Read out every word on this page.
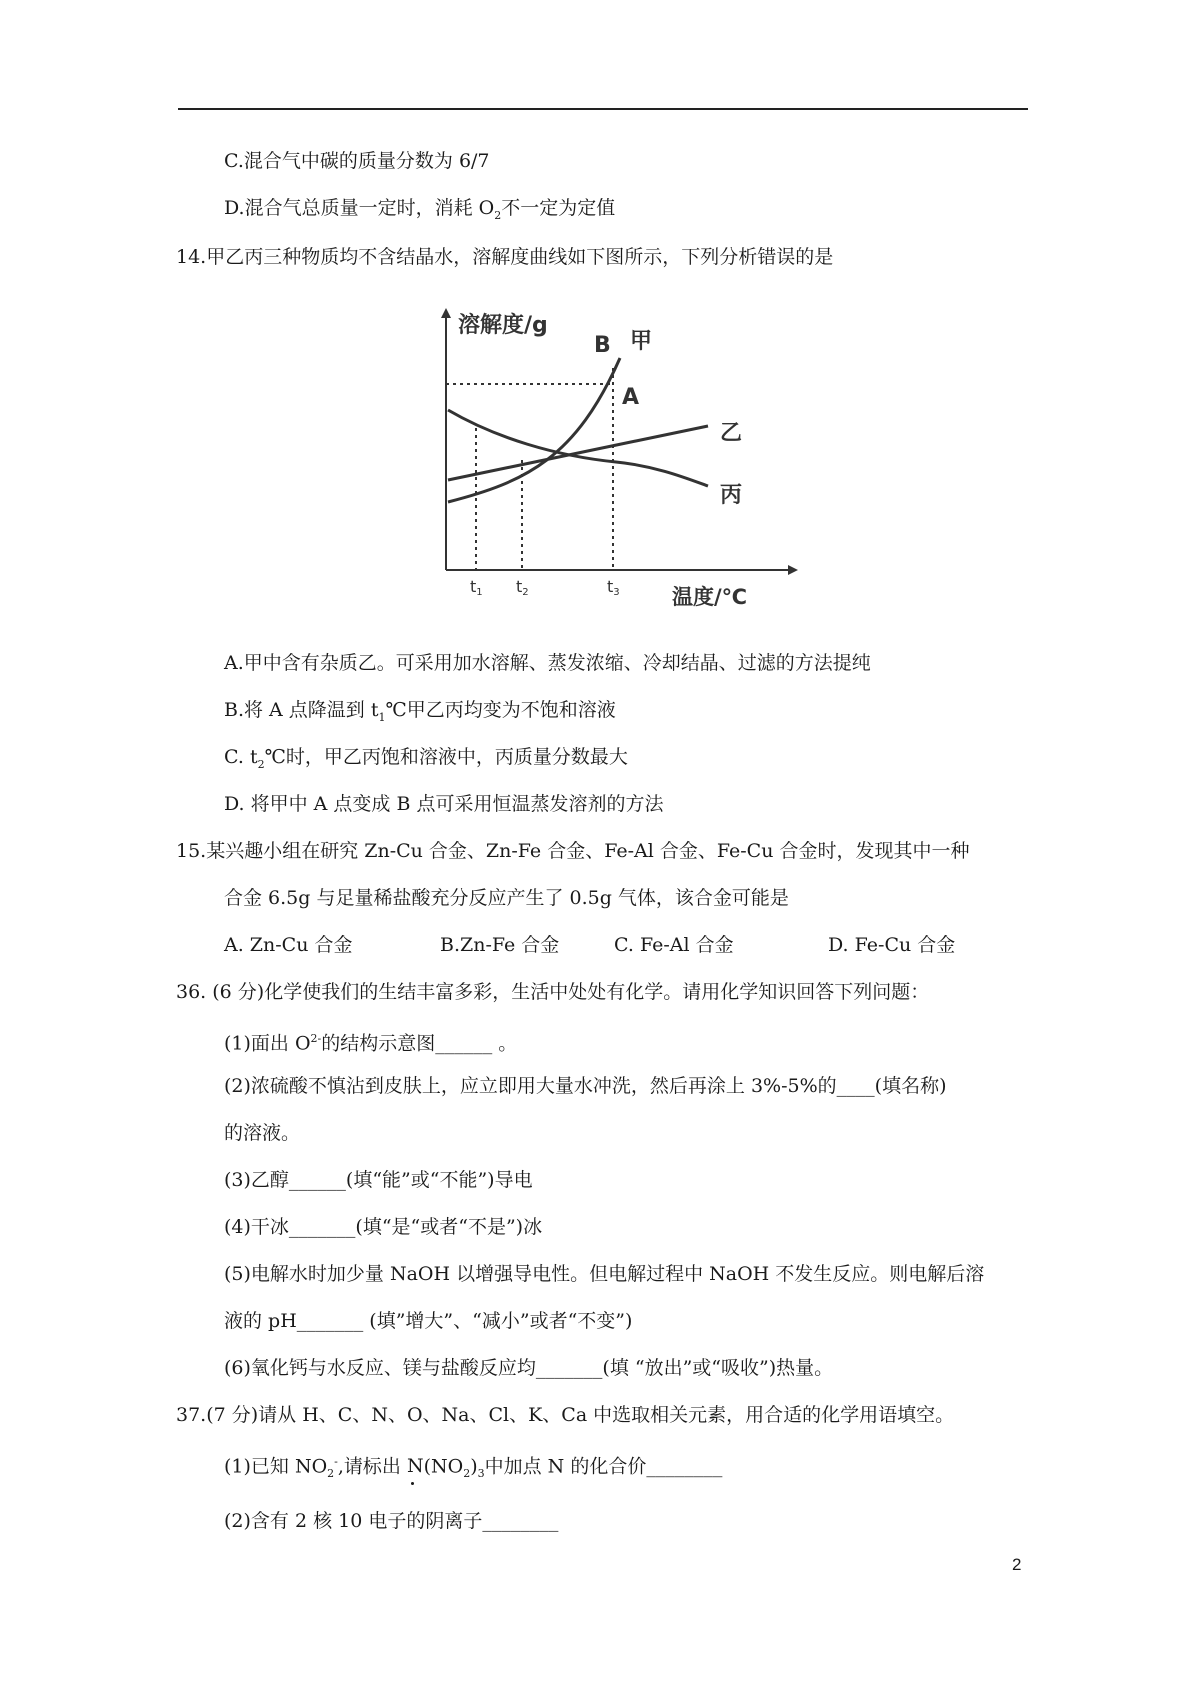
C.混合气中碳的质量分数为 6/7
D.混合气总质量一定时，消耗 $O_2$不一定为定值
14.甲乙丙三种物质均不含结晶水，溶解度曲线如下图所示，下列分析错误的是
溶解度/g
温度/℃
B 甲
A
乙
丙
t1 t2	t3
A.甲中含有杂质乙。可采用加水溶解、蒸发浓缩、冷却结晶、过滤的方法提纯
B.将 A 点降温到 $t_1℃$甲乙丙均变为不饱和溶液
C. $t_2℃$时，甲乙丙饱和溶液中，丙质量分数最大
D. 将甲中 A 点变成 B 点可采用恒温蒸发溶剂的方法
15.某兴趣小组在研究 Zn-Cu 合金、Zn-Fe 合金、Fe-Al 合金、Fe-Cu 合金时，发现其中一种
合金 6.5g 与足量稀盐酸充分反应产生了 0.5g 气体，该合金可能是
A. Zn-Cu 合金	B.Zn-Fe 合金	C. Fe-Al 合金	D. Fe-Cu 合金
36. (6 分)化学使我们的生结丰富多彩，生活中处处有化学。请用化学知识回答下列问题：
(1)面出 $O^{2-}$的结构示意图______ 。
(2)浓硫酸不慎沾到皮肤上，应立即用大量水冲洗，然后再涂上 3%-5%的____(填名称)
的溶液。
(3)乙醇______(填“能”或“不能”)导电
(4)干冰_______(填“是“或者“不是”)冰
(5)电解水时加少量 NaOH 以增强导电性。但电解过程中 NaOH 不发生反应。则电解后溶
液的 pH_______ (填”增大”、“减小”或者“不变”)
(6)氧化钙与水反应、镁与盐酸反应均_______(填 “放出”或“吸收”)热量。
37.(7 分)请从 H、C、N、O、Na、Cl、K、Ca 中选取相关元素，用合适的化学用语填空。
(1)已知 $NO_2^-$,请标出 $N(NO_2)_3$中加点 N 的化合价________
(2)含有 2 核 10 电子的阴离子________
2
